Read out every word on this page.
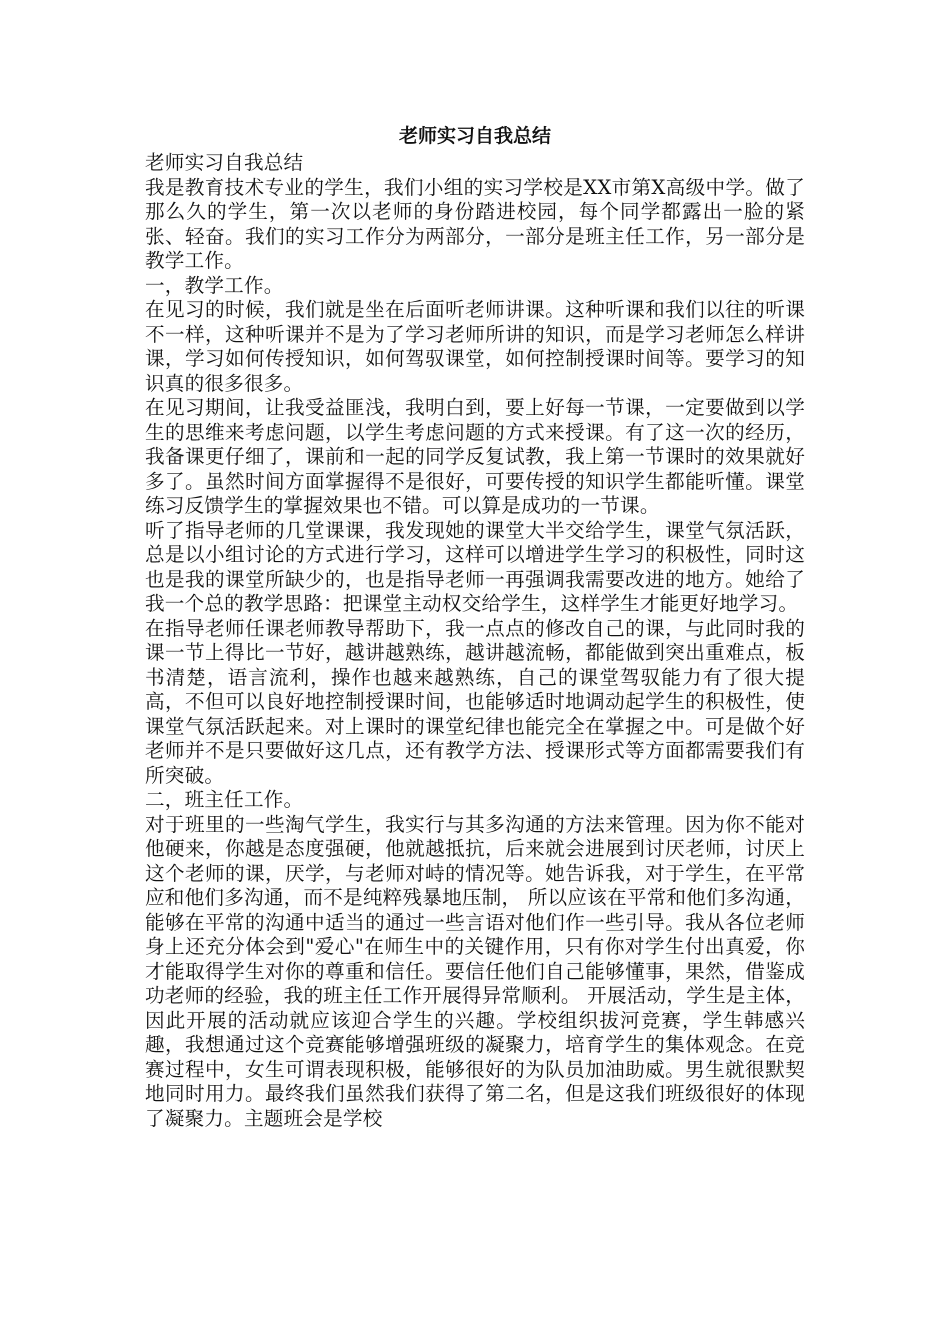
老师实习自我总结

老师实习自我总结

我是教育技术专业的学生，我们小组的实习学校是XX市第X高级中学。做了那么久的学生，第一次以老师的身份踏进校园，每个同学都露出一脸的紧张、轻奋。我们的实习工作分为两部分，一部分是班主任工作，另一部分是教学工作。

一，教学工作。

在见习的时候，我们就是坐在后面听老师讲课。这种听课和我们以往的听课不一样，这种听课并不是为了学习老师所讲的知识，而是学习老师怎么样讲课，学习如何传授知识，如何驾驭课堂，如何控制授课时间等。要学习的知识真的很多很多。

在见习期间，让我受益匪浅，我明白到，要上好每一节课，一定要做到以学生的思维来考虑问题，以学生考虑问题的方式来授课。有了这一次的经历，我备课更仔细了，课前和一起的同学反复试教，我上第一节课时的效果就好多了。虽然时间方面掌握得不是很好，可要传授的知识学生都能听懂。课堂练习反馈学生的掌握效果也不错。可以算是成功的一节课。

听了指导老师的几堂课课，我发现她的课堂大半交给学生，课堂气氛活跃，总是以小组讨论的方式进行学习，这样可以增进学生学习的积极性，同时这也是我的课堂所缺少的，也是指导老师一再强调我需要改进的地方。她给了我一个总的教学思路：把课堂主动权交给学生，这样学生才能更好地学习。

在指导老师任课老师教导帮助下，我一点点的修改自己的课，与此同时我的课一节上得比一节好，越讲越熟练，越讲越流畅，都能做到突出重难点，板书清楚，语言流利，操作也越来越熟练，自己的课堂驾驭能力有了很大提高，不但可以良好地控制授课时间，也能够适时地调动起学生的积极性，使课堂气氛活跃起来。对上课时的课堂纪律也能完全在掌握之中。可是做个好老师并不是只要做好这几点，还有教学方法、授课形式等方面都需要我们有所突破。

二，班主任工作。

对于班里的一些淘气学生，我实行与其多沟通的方法来管理。因为你不能对他硬来，你越是态度强硬，他就越抵抗，后来就会进展到讨厌老师，讨厌上这个老师的课，厌学，与老师对峙的情况等。她告诉我，对于学生，在平常应和他们多沟通，而不是纯粹残暴地压制， 所以应该在平常和他们多沟通，能够在平常的沟通中适当的通过一些言语对他们作一些引导。我从各位老师身上还充分体会到"爱心"在师生中的关键作用，只有你对学生付出真爱，你才能取得学生对你的尊重和信任。要信任他们自己能够懂事，果然，借鉴成功老师的经验，我的班主任工作开展得异常顺利。 开展活动，学生是主体，因此开展的活动就应该迎合学生的兴趣。学校组织拔河竞赛，学生韩感兴趣，我想通过这个竞赛能够增强班级的凝聚力，培育学生的集体观念。在竞赛过程中，女生可谓表现积极，能够很好的为队员加油助威。男生就很默契地同时用力。最终我们虽然我们获得了第二名，但是这我们班级很好的体现了凝聚力。主题班会是学校
